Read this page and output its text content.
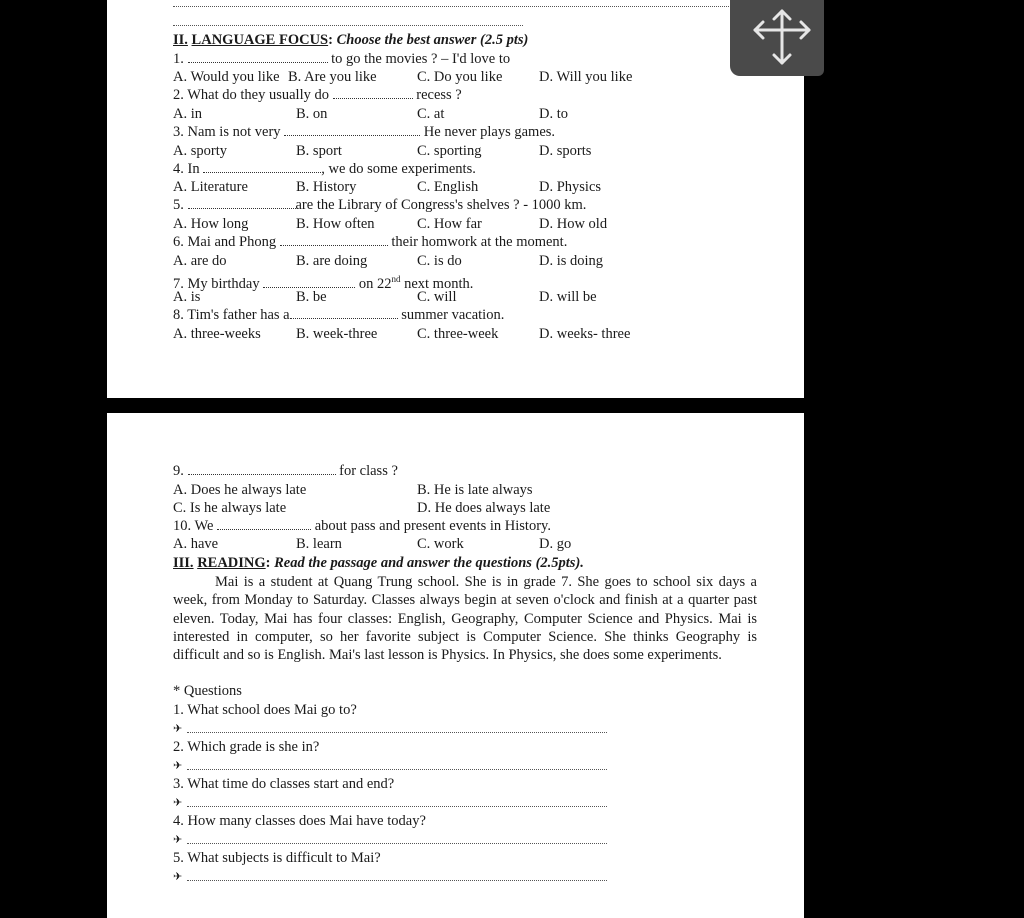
II. LANGUAGE FOCUS: Choose the best answer (2.5 pts)
1.	to go the movies ? – I'd love to
A. Would you like B. Are you like	C. Do you like	D. Will you like
2. What do they usually do	recess ?
A. in	B. on	C. at	D. to
3. Nam is not very	He never plays games.
A. sporty	B. sport	C. sporting	D. sports
4. In	, we do some experiments.
A. Literature	B. History	C. English	D. Physics
5.	are the Library of Congress's shelves ? - 1000 km.
A. How long	B. How often	C. How far	D. How old
6. Mai and Phong	their homwork at the moment.
A. are do	B. are doing	C. is do	D. is doing
7. My birthday	on 22nd next month.
A. is	B. be	C. will	D. will be
8. Tim's father has a	summer vacation.
A. three-weeks B. week-three	C. three-week	D. weeks- three
9.	for class ?
A. Does he always late	B. He is late always
C. Is he always late	D. He does always late
10. We	about pass and present events in History.
A. have	B. learn	C. work	D. go
III. READING: Read the passage and answer the questions (2.5pts).

Mai is a student at Quang Trung school. She is in grade 7. She goes to school six days a week, from Monday to Saturday. Classes always begin at seven o'clock and finish at a quarter past eleven. Today, Mai has four classes: English, Geography, Computer Science and Physics. Mai is interested in computer, so her favorite subject is Computer Science. She thinks Geography is difficult and so is English. Mai's last lesson is Physics. In Physics, she does some experiments.

* Questions
1. What school does Mai go to?
✈
2. Which grade is she in?
✈
3. What time do classes start and end?
✈
4. How many classes does Mai have today?
✈
5. What subjects is difficult to Mai?
✈
